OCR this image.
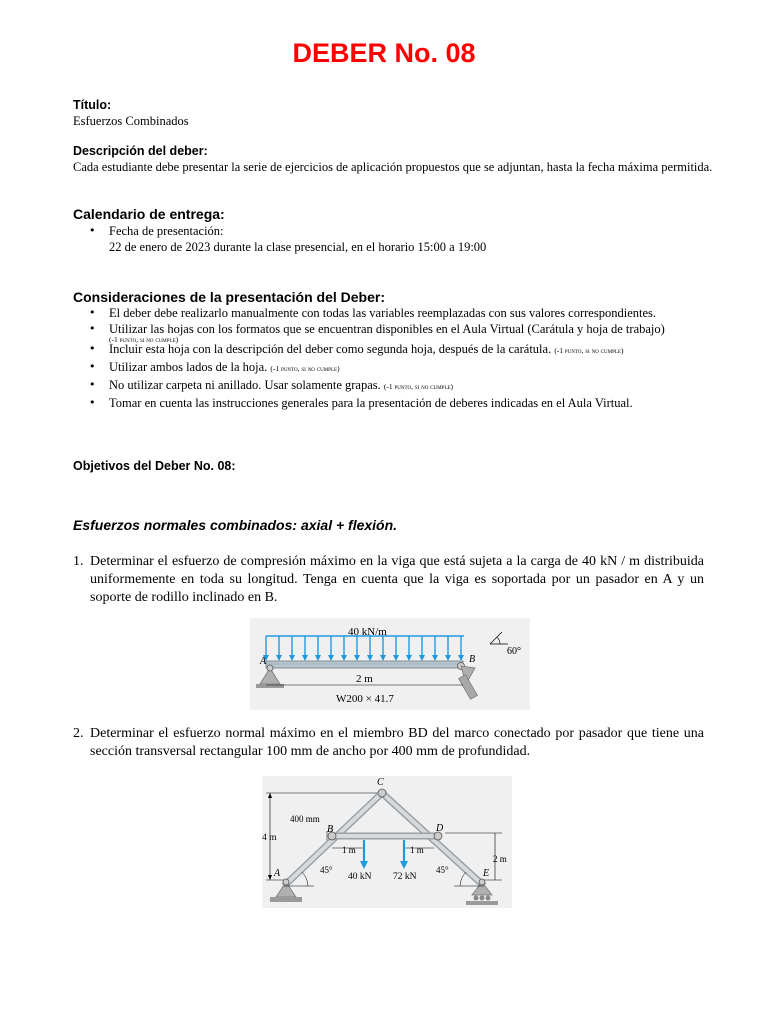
DEBER No. 08
Título:
Esfuerzos Combinados
Descripción del deber:
Cada estudiante debe presentar la serie de ejercicios de aplicación propuestos que se adjuntan, hasta la fecha máxima permitida.
Calendario de entrega:
• Fecha de presentación:
22 de enero de 2023 durante la clase presencial, en el horario 15:00 a 19:00
Consideraciones de la presentación del Deber:
• El deber debe realizarlo manualmente con todas las variables reemplazadas con sus valores correspondientes.
• Utilizar las hojas con los formatos que se encuentran disponibles en el Aula Virtual (Carátula y hoja de trabajo)
• Incluir esta hoja con la descripción del deber como segunda hoja, después de la carátula. (-1 punto, si no cumple)
• Utilizar ambos lados de la hoja. (-1 punto, si no cumple)
• No utilizar carpeta ni anillado. Usar solamente grapas. (-1 punto, si no cumple)
• Tomar en cuenta las instrucciones generales para la presentación de deberes indicadas en el Aula Virtual.
(-1 punto, si no cumple)
Objetivos del Deber No. 08:
Esfuerzos normales combinados: axial + flexión.
1. Determinar el esfuerzo de compresión máximo en la viga que está sujeta a la carga de 40 kN / m distribuida uniformemente en toda su longitud. Tenga en cuenta que la viga es soportada por un pasador en A y un soporte de rodillo inclinado en B.
40 kN/m
A	B
60°
2 m
W200 × 41.7
2. Determinar el esfuerzo normal máximo en el miembro BD del marco conectado por pasador que tiene una sección transversal rectangular 100 mm de ancho por 400 mm de profundidad.
C
B	D
A	E
4 m
400 mm
1 m	1 m
2 m
40 kN 72 kN
45°	45°
